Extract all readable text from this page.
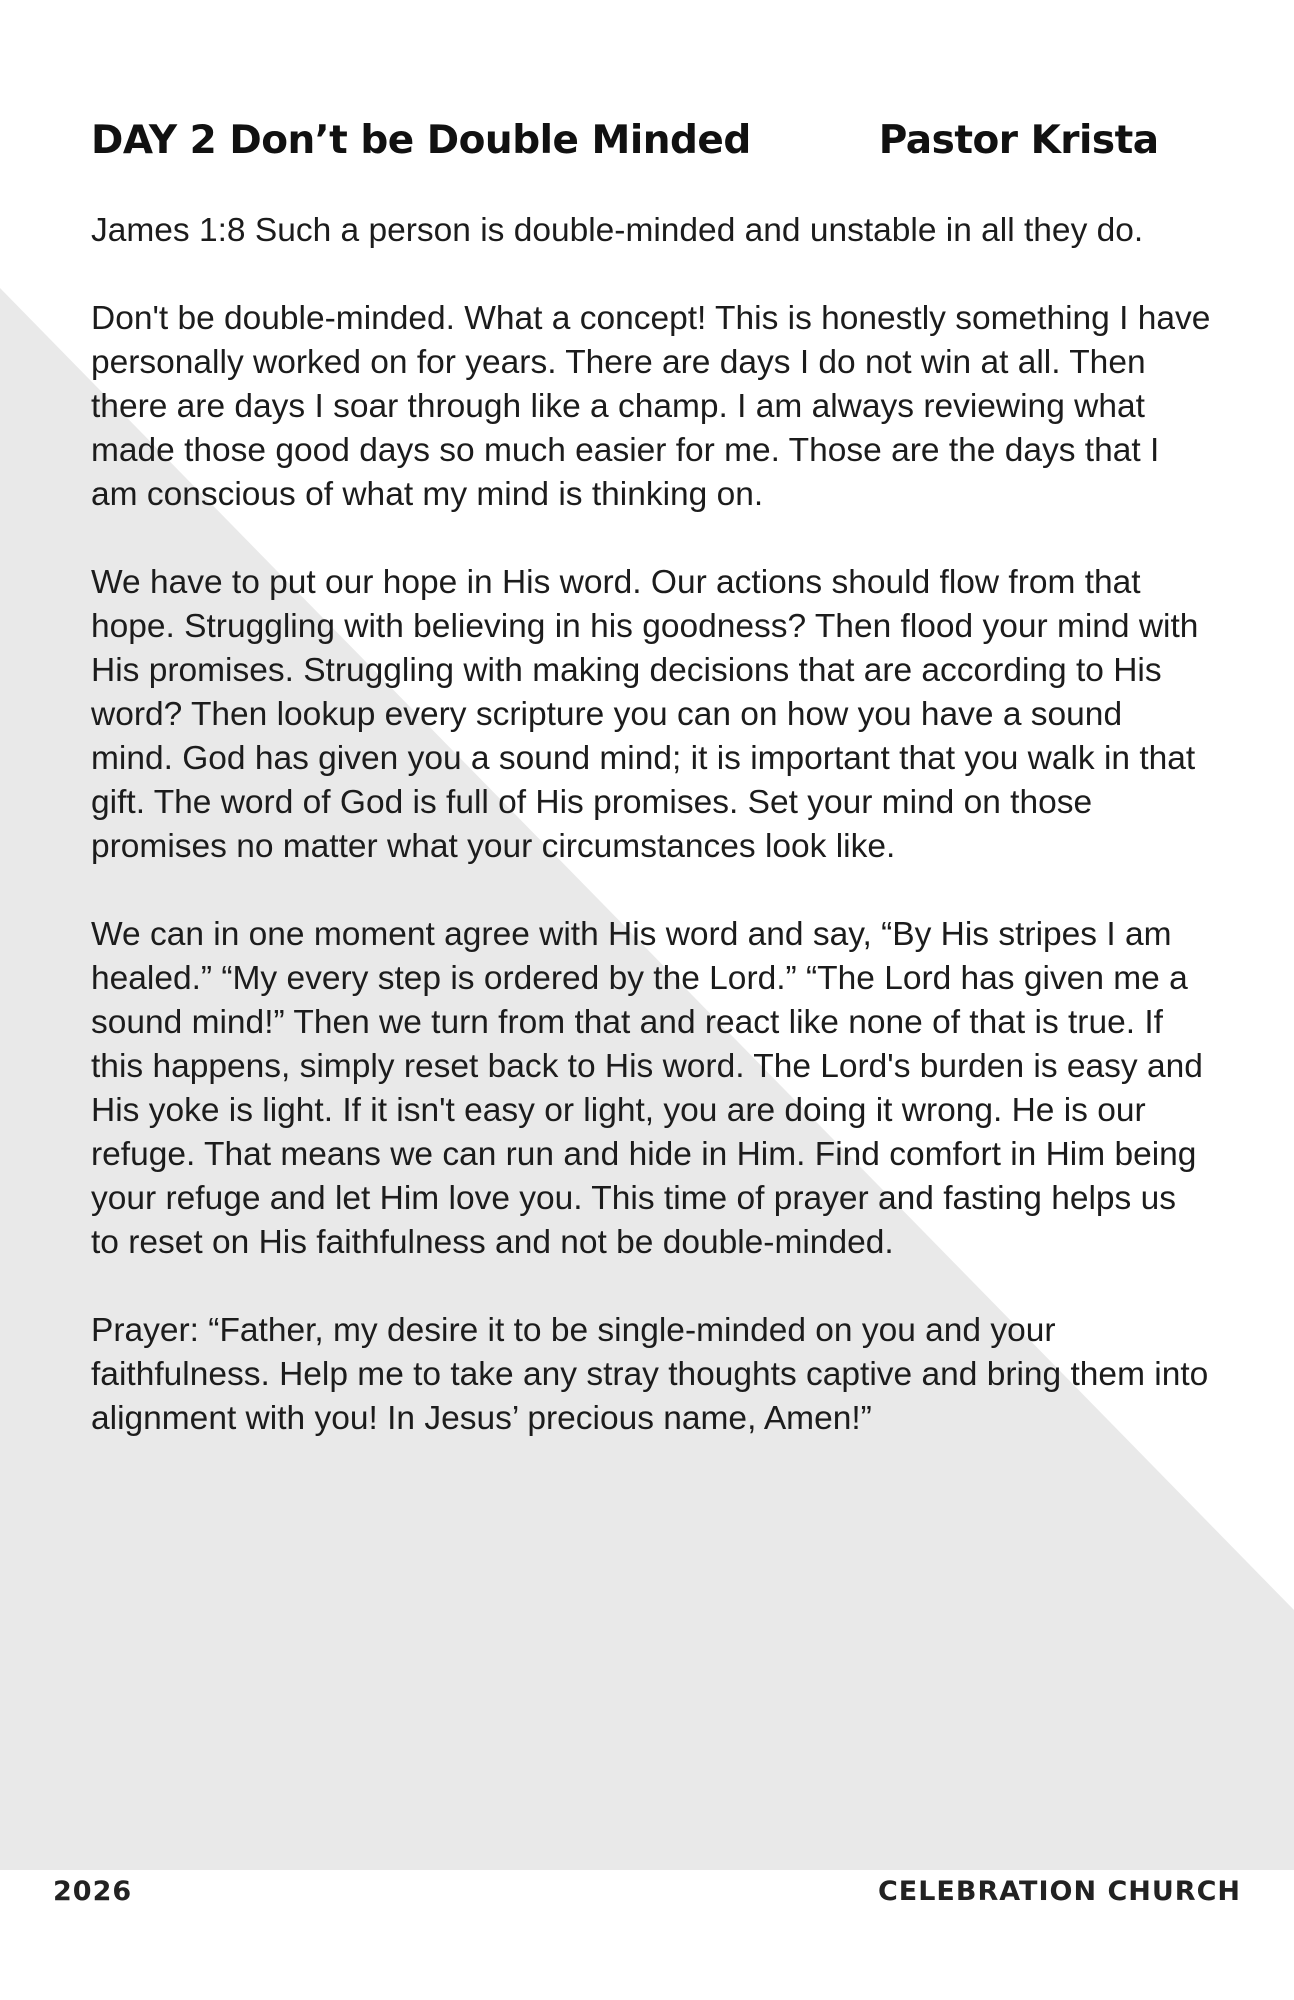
DAY 2 Don’t be Double Minded	Pastor Krista

James 1:8 Such a person is double-minded and unstable in all they do.

Don't be double-minded. What a concept! This is honestly something I have personally worked on for years. There are days I do not win at all. Then there are days I soar through like a champ. I am always reviewing what made those good days so much easier for me. Those are the days that I am conscious of what my mind is thinking on.

We have to put our hope in His word. Our actions should flow from that hope. Struggling with believing in his goodness? Then flood your mind with His promises. Struggling with making decisions that are according to His word? Then lookup every scripture you can on how you have a sound mind. God has given you a sound mind; it is important that you walk in that gift. The word of God is full of His promises. Set your mind on those promises no matter what your circumstances look like.

We can in one moment agree with His word and say, “By His stripes I am healed.” “My every step is ordered by the Lord.” “The Lord has given me a sound mind!” Then we turn from that and react like none of that is true. If this happens, simply reset back to His word. The Lord's burden is easy and His yoke is light. If it isn't easy or light, you are doing it wrong. He is our refuge. That means we can run and hide in Him. Find comfort in Him being your refuge and let Him love you. This time of prayer and fasting helps us to reset on His faithfulness and not be double-minded.

Prayer: “Father, my desire it to be single-minded on you and your faithfulness. Help me to take any stray thoughts captive and bring them into alignment with you! In Jesus’ precious name, Amen!”

2026	CELEBRATION CHURCH
